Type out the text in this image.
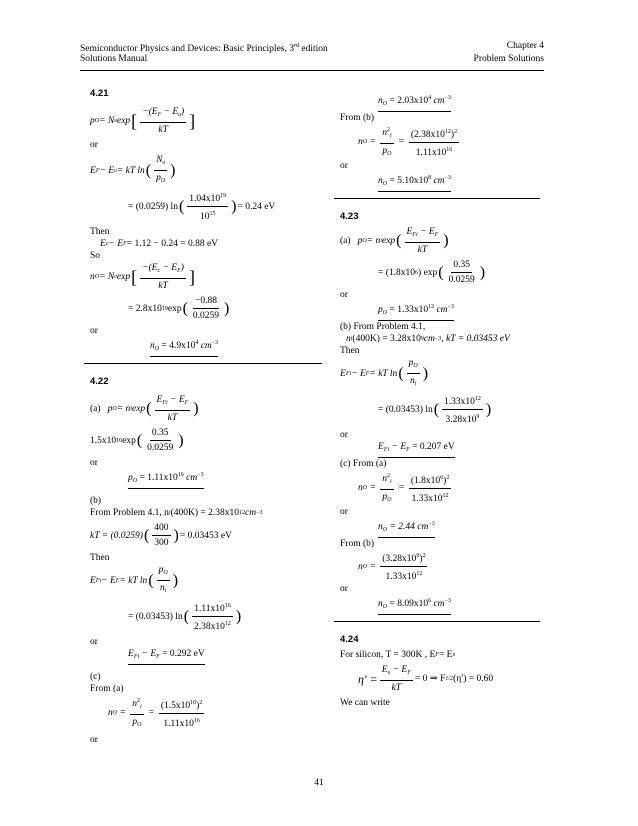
Semiconductor Physics and Devices: Basic Principles, 3rd edition
Solutions Manual
Chapter 4
Problem Solutions

4.21

p O = N υ exp [ $\frac{-(E_F - E_\upsilon)}{kT}$ ]

or

E F − E υ = kT ln ( $\frac{N_\upsilon}{p_O}$ )
= (0.0259) ln ( $\frac{1.04x10^{19}}{10^{15}}$ ) = 0.24 eV

Then

E c − E F = 1.12 − 0.24 = 0.88 eV

So

n O = N c exp [ $\frac{-(E_c - E_F)}{kT}$ ]
= 2.8x10 19 exp ( $\frac{-0.88}{0.0259}$ )

or

$n_O = 4.9x10^4$ $cm^{-3}$

4.22

(a) p O = n i exp ( $\frac{E_{Fi} - E_F}{kT}$ )
1.5x10 10 exp ( $\frac{0.35}{0.0259}$ )

or

$p_O = 1.11x10^{16}$ $cm^{-3}$

(b)

From Problem 4.1, n i (400K) = 2.38x10 12 cm −3
kT = (0.0259) ( $\frac{400}{300}$ ) = 0.03453 eV

Then

E Fi − E F = kT ln ( $\frac{p_O}{n_i}$ )
= (0.03453) ln ( $\frac{1.11x10^{16}}{2.38x10^{12}}$ )

or

$E_{Fi} - E_F = 0.292$ eV

(c)

From (a)

n $O = \frac{n^2_i}{p_O} = \frac{(1.5x10^{10})^2}{1.11x10^{16}}$

or

$n_O = 2.03x10^4$ $cm^{-3}$

From (b)

n $O = \frac{n^2_i}{p_O} = \frac{(2.38x10^{12})^2}{1.11x10^{16}}$

or

$n_O = 5.10x10^8$ $cm^{-3}$

4.23

(a) p O = n i exp ( $\frac{E_{Fi} - E_F}{kT}$ )
= (1.8x10 6 ) exp ( $\frac{0.35}{0.0259}$ )

or

$p_O = 1.33x10^{12}$ $cm^{-3}$

(b) From Problem 4.1,

n i (400K) = 3.28x10 9 cm −3 , kT = 0.03453 eV

Then

E Fi − E F = kT ln ( $\frac{p_O}{n_i}$ )
= (0.03453) ln ( $\frac{1.33x10^{12}}{3.28x10^9}$ )

or

$E_{Fi} - E_F = 0.207$ eV

(c) From (a)

n $O = \frac{n^2_i}{p_O} = \frac{(1.8x10^6)^2}{1.33x10^{12}}$

or

$n_O = 2.44$ $cm^{-3}$

From (b)

n $O = \frac{(3.28x10^9)^2}{1.33x10^{12}}$

or

$n_O = 8.09x10^6$ $cm^{-3}$

4.24

For silicon, T = 300K , E F = E υ
$\eta' = \frac{E_\upsilon - E_F}{kT} = 0$ ⇒ F 1/2 (η′) = 0.60

We can write

41
